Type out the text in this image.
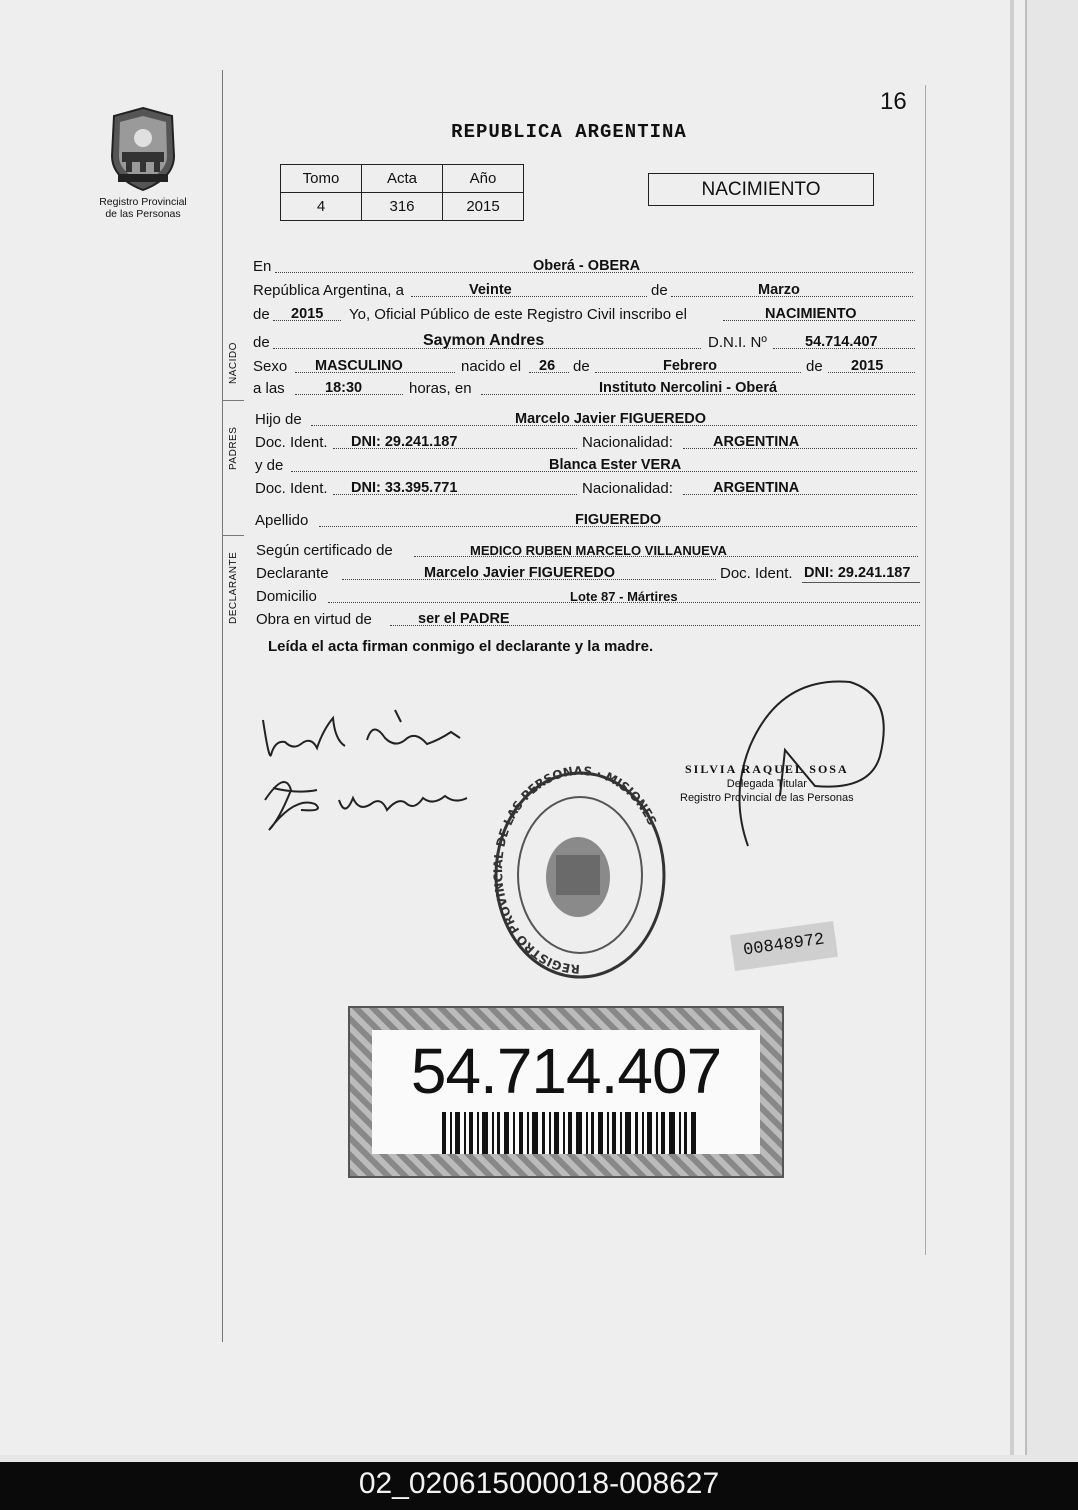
16
Registro Provincial
de las Personas
REPUBLICA ARGENTINA
Tomo	Acta	Año
4	316	2015
NACIMIENTO
NACIDO
PADRES
DECLARANTE
En	Oberá - OBERA
República Argentina, a	Veinte	de	Marzo
de 2015 Yo, Oficial Público de este Registro Civil inscribo el	NACIMIENTO
de	Saymon Andres	D.N.I. Nº	54.714.407
Sexo MASCULINO	nacido el 26 de	Febrero	de 2015
a las	18:30	horas, en	Instituto Nercolini - Oberá
Hijo de	Marcelo Javier FIGUEREDO
Doc. Ident. DNI: 29.241.187	Nacionalidad:	ARGENTINA
y de	Blanca Ester VERA
Doc. Ident. DNI: 33.395.771	Nacionalidad:	ARGENTINA
Apellido	FIGUEREDO
Según certificado de	MEDICO RUBEN MARCELO VILLANUEVA
Declarante	Marcelo Javier FIGUEREDO	Doc. Ident. DNI: 29.241.187
Domicilio	Lote 87 - Mártires
Obra en virtud de	ser el PADRE
Leída el acta firman conmigo el declarante y la madre.
SILVIA RAQUEL SOSA
Delegada Titular
Registro Provincial de las Personas
REGISTRO PROVINCIAL DE LAS PERSONAS · MISIONES ·
00848972
54.714.407
02_020615000018-008627
